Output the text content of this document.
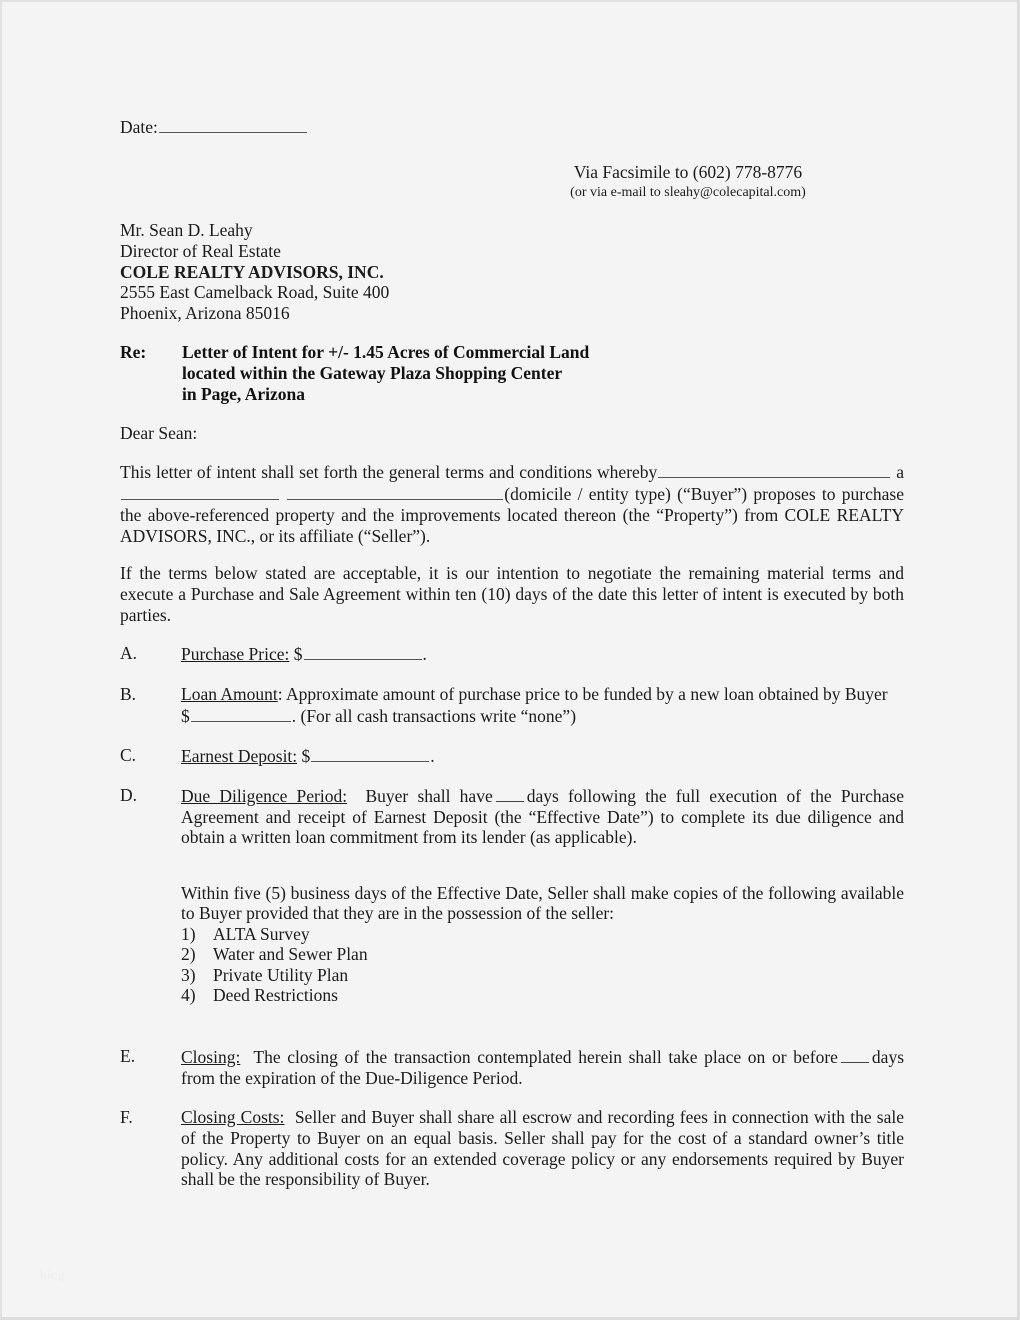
Date:
Via Facsimile to (602) 778-8776
(or via e-mail to sleahy@colecapital.com)
Mr. Sean D. Leahy
Director of Real Estate
COLE REALTY ADVISORS, INC.
2555 East Camelback Road, Suite 400
Phoenix, Arizona 85016
Re:	Letter of Intent for +/- 1.45 Acres of Commercial Land
located within the Gateway Plaza Shopping Center
in Page, Arizona
Dear Sean:

This letter of intent shall set forth the general terms and conditions whereby	a (domicile / entity type) (“Buyer”) proposes to purchase the above-referenced property and the improvements located thereon (the “Property”) from COLE REALTY ADVISORS, INC., or its affiliate (“Seller”).

If the terms below stated are acceptable, it is our intention to negotiate the remaining material terms and execute a Purchase and Sale Agreement within ten (10) days of the date this letter of intent is executed by both parties.

A.	Purchase Price: $	.
B.	Loan Amount: Approximate amount of purchase price to be funded by a new loan obtained by Buyer
$	. (For all cash transactions write “none”)
C.	Earnest Deposit: $	.
D.	Due Diligence Period: Buyer shall have days following the full execution of the Purchase Agreement and receipt of Earnest Deposit (the “Effective Date”) to complete its due diligence and obtain a written loan commitment from its lender (as applicable).

Within five (5) business days of the Effective Date, Seller shall make copies of the following available to Buyer provided that they are in the possession of the seller:

1) ALTA Survey
2) Water and Sewer Plan
3) Private Utility Plan
4) Deed Restrictions
E.	Closing: The closing of the transaction contemplated herein shall take place on or before days from the expiration of the Due-Diligence Period.
F.	Closing Costs: Seller and Buyer shall share all escrow and recording fees in connection with the sale of the Property to Buyer on an equal basis. Seller shall pay for the cost of a standard owner’s title policy. Any additional costs for an extended coverage policy or any endorsements required by Buyer shall be the responsibility of Buyer.
blog
